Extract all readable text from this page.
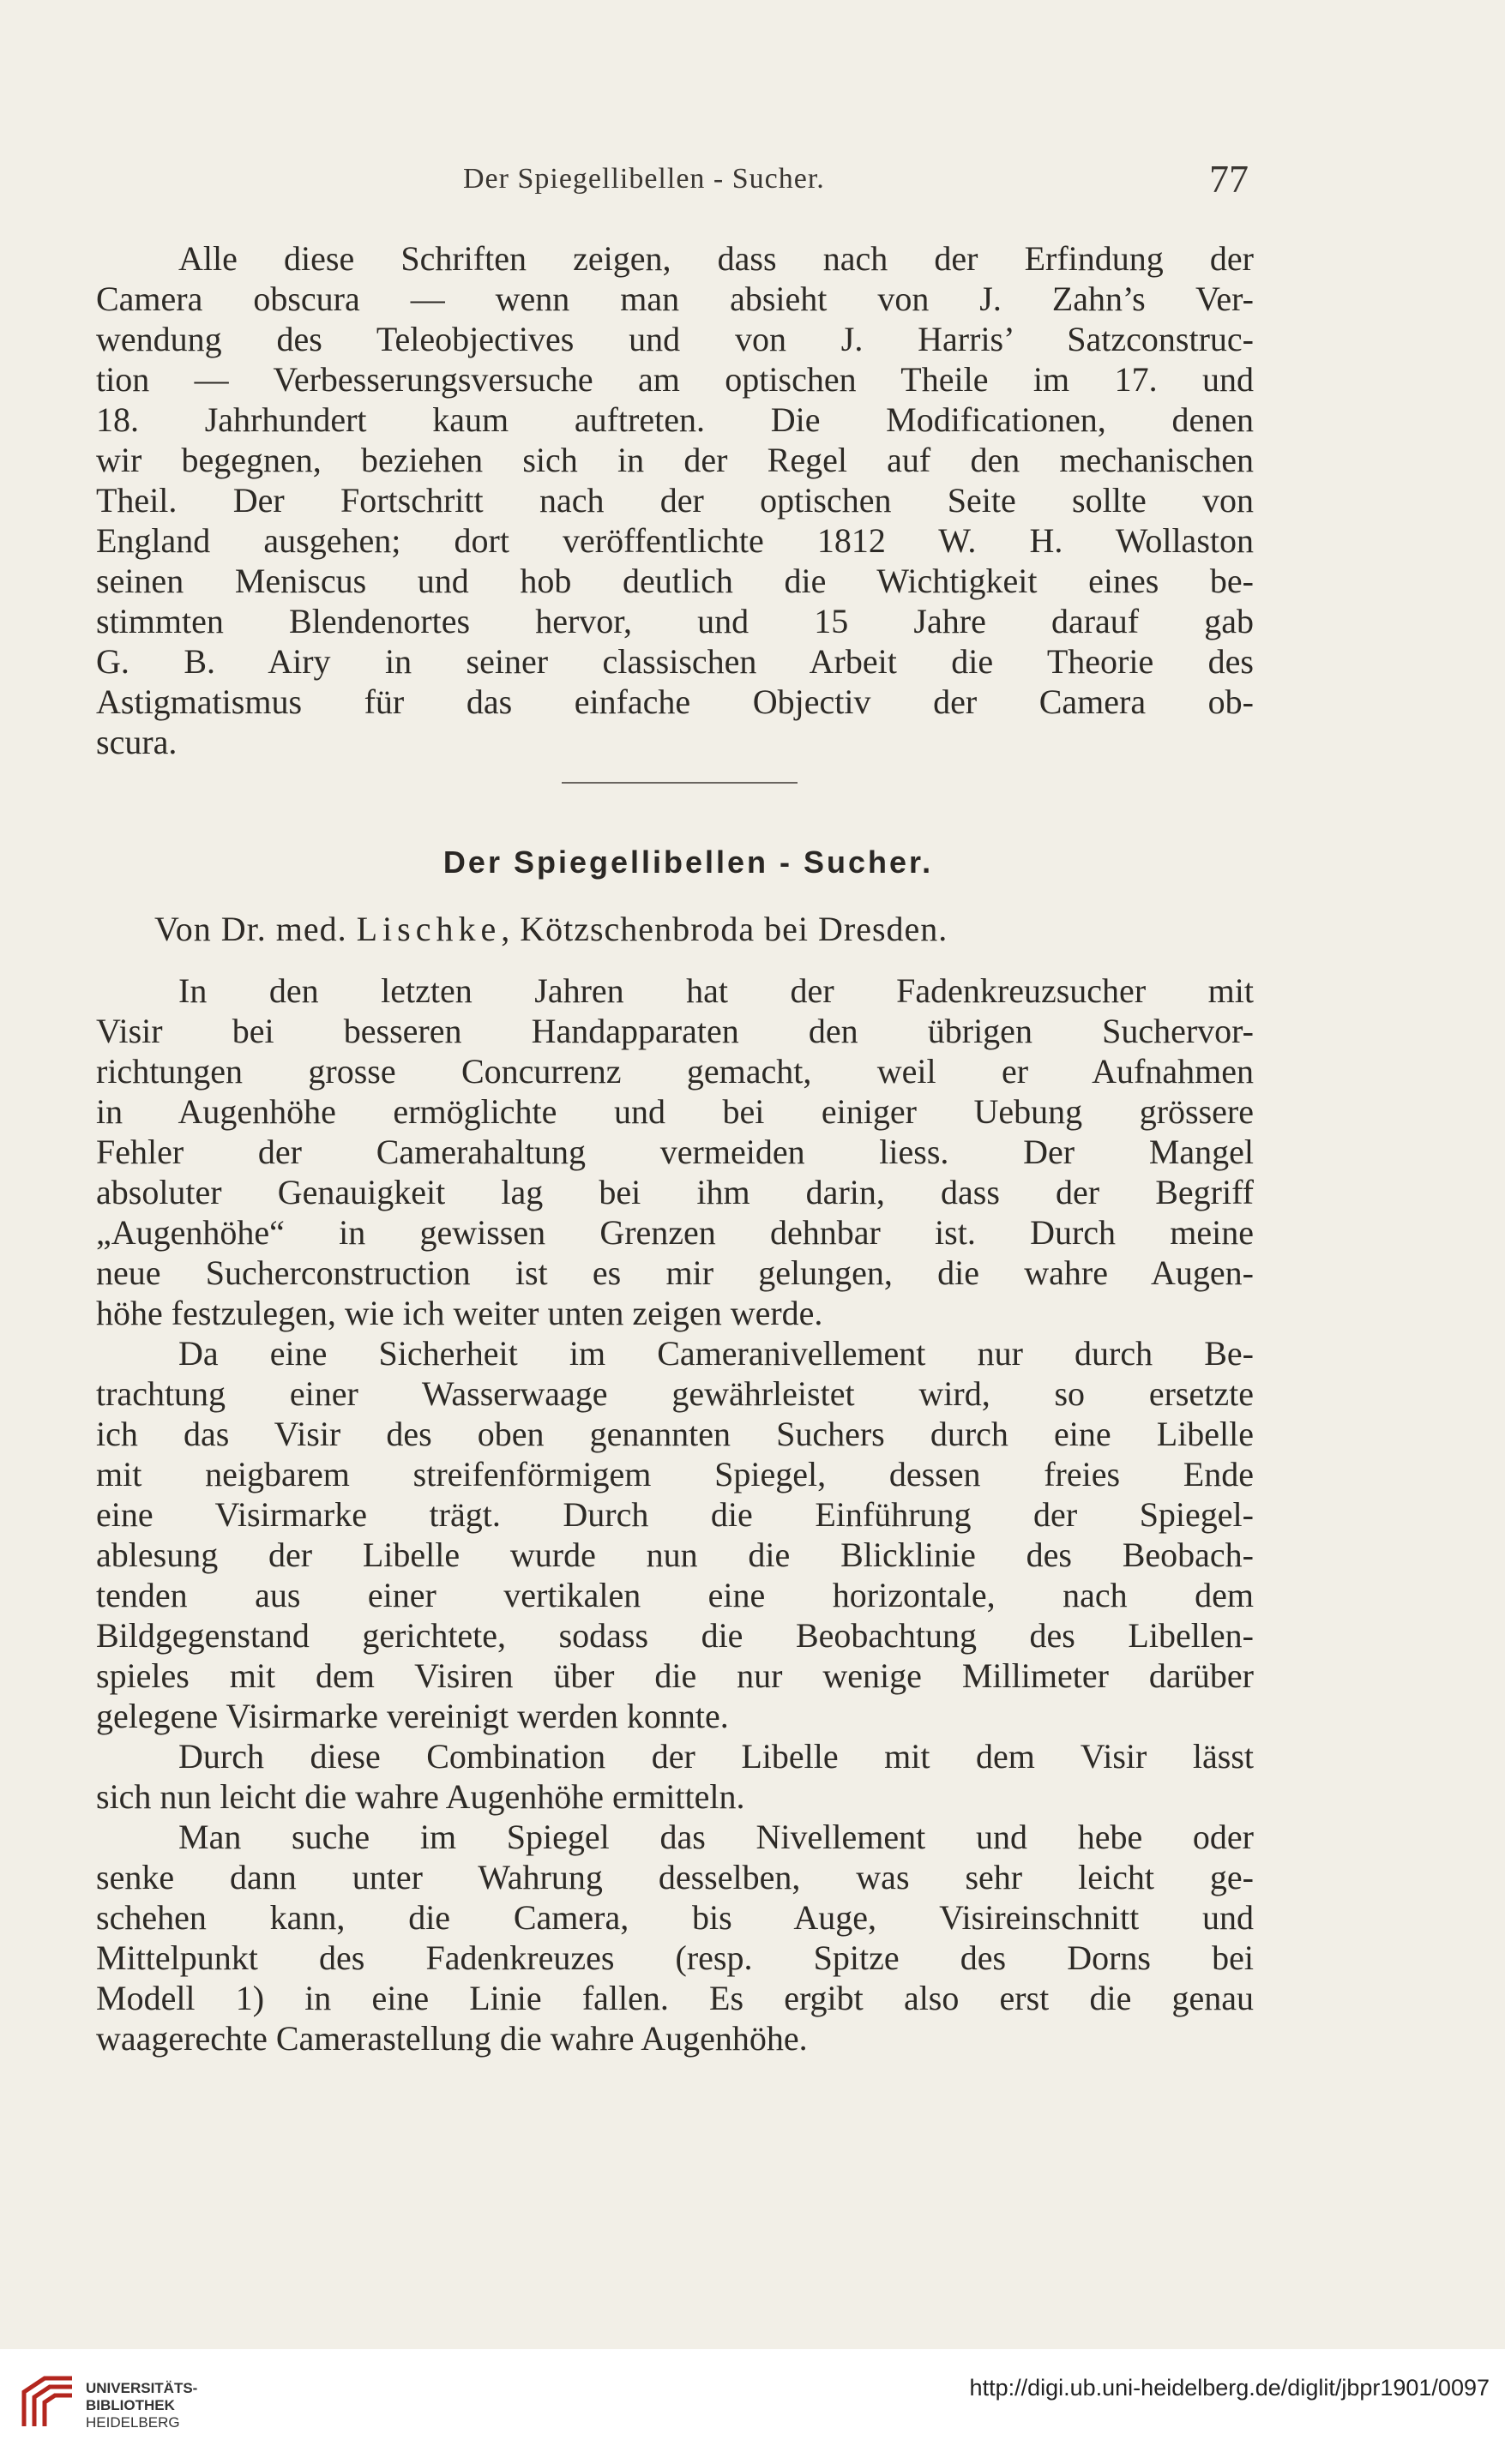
Der Spiegellibellen - Sucher.	77
Alle diese Schriften zeigen, dass nach der Erfindung der
Camera obscura — wenn man absieht von J. Zahn’s Ver-
wendung des Teleobjectives und von J. Harris’ Satzconstruc-
tion — Verbesserungsversuche am optischen Theile im 17. und
18. Jahrhundert kaum auftreten. Die Modificationen, denen
wir begegnen, beziehen sich in der Regel auf den mechanischen
Theil. Der Fortschritt nach der optischen Seite sollte von
England ausgehen; dort veröffentlichte 1812 W. H. Wollaston
seinen Meniscus und hob deutlich die Wichtigkeit eines be-
stimmten Blendenortes hervor, und 15 Jahre darauf gab
G. B. Airy in seiner classischen Arbeit die Theorie des
Astigmatismus für das einfache Objectiv der Camera ob-
scura.
Der Spiegellibellen - Sucher.
Von Dr. med. Lischke, Kötzschenbroda bei Dresden.
In den letzten Jahren hat der Fadenkreuzsucher mit
Visir bei besseren Handapparaten den übrigen Suchervor-
richtungen grosse Concurrenz gemacht, weil er Aufnahmen
in Augenhöhe ermöglichte und bei einiger Uebung grössere
Fehler der Camerahaltung vermeiden liess. Der Mangel
absoluter Genauigkeit lag bei ihm darin, dass der Begriff
„Augenhöhe“ in gewissen Grenzen dehnbar ist. Durch meine
neue Sucherconstruction ist es mir gelungen, die wahre Augen-
höhe festzulegen, wie ich weiter unten zeigen werde.
Da eine Sicherheit im Cameranivellement nur durch Be-
trachtung einer Wasserwaage gewährleistet wird, so ersetzte
ich das Visir des oben genannten Suchers durch eine Libelle
mit neigbarem streifenförmigem Spiegel, dessen freies Ende
eine Visirmarke trägt. Durch die Einführung der Spiegel-
ablesung der Libelle wurde nun die Blicklinie des Beobach-
tenden aus einer vertikalen eine horizontale, nach dem
Bildgegenstand gerichtete, sodass die Beobachtung des Libellen-
spieles mit dem Visiren über die nur wenige Millimeter darüber
gelegene Visirmarke vereinigt werden konnte.
Durch diese Combination der Libelle mit dem Visir lässt
sich nun leicht die wahre Augenhöhe ermitteln.
Man suche im Spiegel das Nivellement und hebe oder
senke dann unter Wahrung desselben, was sehr leicht ge-
schehen kann, die Camera, bis Auge, Visireinschnitt und
Mittelpunkt des Fadenkreuzes (resp. Spitze des Dorns bei
Modell 1) in eine Linie fallen. Es ergibt also erst die genau
waagerechte Camerastellung die wahre Augenhöhe.
UNIVERSITÄTS-
BIBLIOTHEK
HEIDELBERG
http://digi.ub.uni-heidelberg.de/diglit/jbpr1901/0097
